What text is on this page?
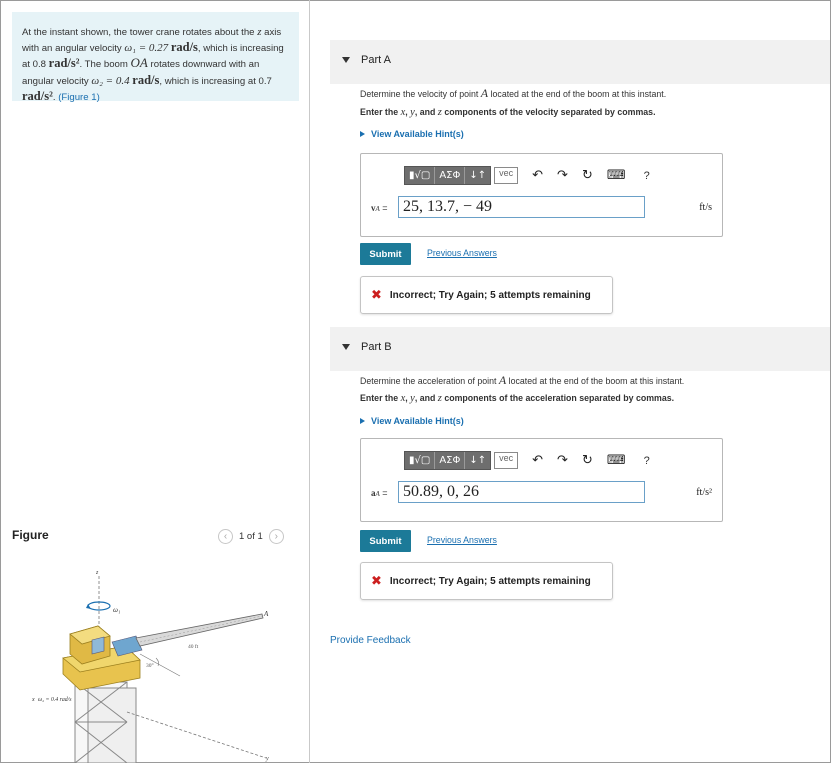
At the instant shown, the tower crane rotates about the z axis with an angular velocity ω₁ = 0.27 rad/s, which is increasing at 0.8 rad/s². The boom OA rotates downward with an angular velocity ω₂ = 0.4 rad/s, which is increasing at 0.7 rad/s². (Figure 1)
Figure	‹	1 of 1	›
z
ω₁	A
40 ft
30°
y
x ω₂ = 0.4 rad/s
Part A
Determine the velocity of point A located at the end of the boom at this instant.
Enter the x, y, and z components of the velocity separated by commas.
View Available Hint(s)
▮√▢ ΑΣΦ ↓↑	vec	↶ ↷ ↻ ⌨ ?
vA = 25, 13.7, − 49	ft/s
Submit	Previous Answers
✖ Incorrect; Try Again; 5 attempts remaining
Part B
Determine the acceleration of point A located at the end of the boom at this instant.
Enter the x, y, and z components of the acceleration separated by commas.
View Available Hint(s)
▮√▢ ΑΣΦ ↓↑	vec	↶ ↷ ↻ ⌨ ?
aA = 50.89, 0, 26	ft/s²
Submit	Previous Answers
✖ Incorrect; Try Again; 5 attempts remaining
Provide Feedback
